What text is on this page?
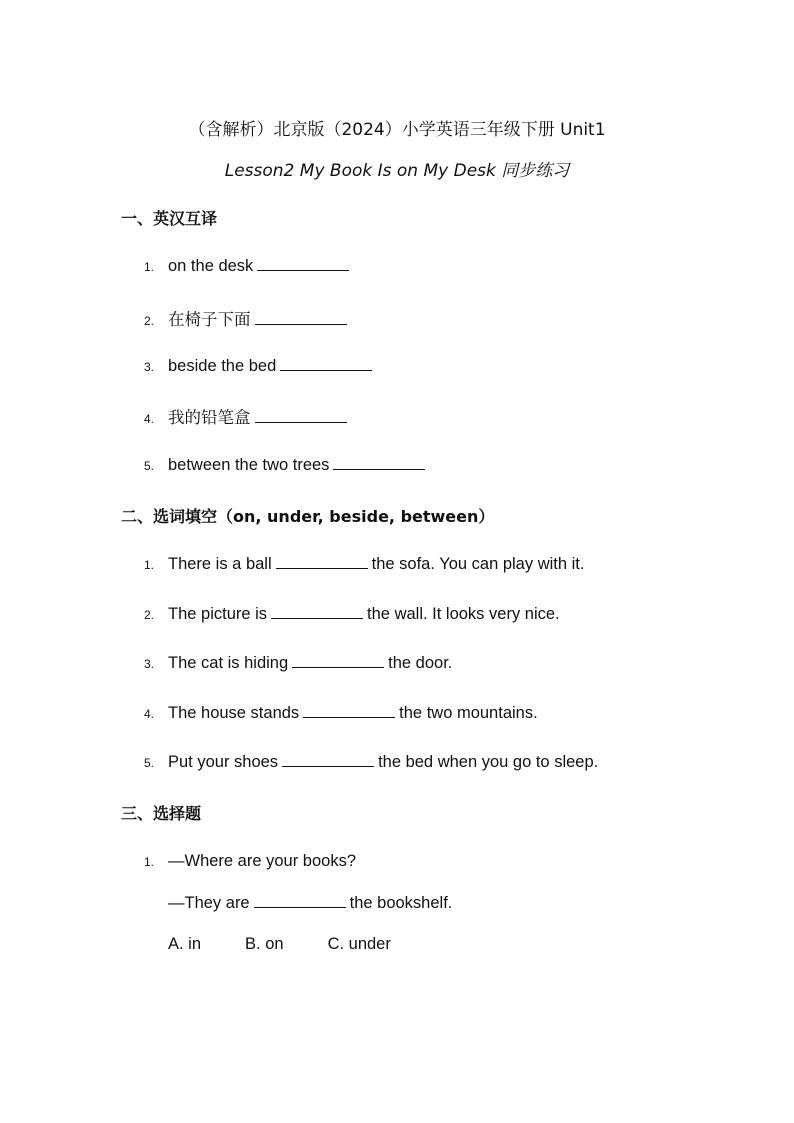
（含解析）北京版（2024）小学英语三年级下册 Unit1
Lesson2 My Book Is on My Desk 同步练习
一、英汉互译
1. on the desk
2. 在椅子下面
3. beside the bed
4. 我的铅笔盒
5. between the two trees
二、选词填空（on, under, beside, between）
1. There is a ball	the sofa. You can play with it.
2. The picture is	the wall. It looks very nice.
3. The cat is hiding	the door.
4. The house stands	the two mountains.
5. Put your shoes	the bed when you go to sleep.
三、选择题
1. —Where are your books?
—They are	the bookshelf.
A. in	B. on	C. under
